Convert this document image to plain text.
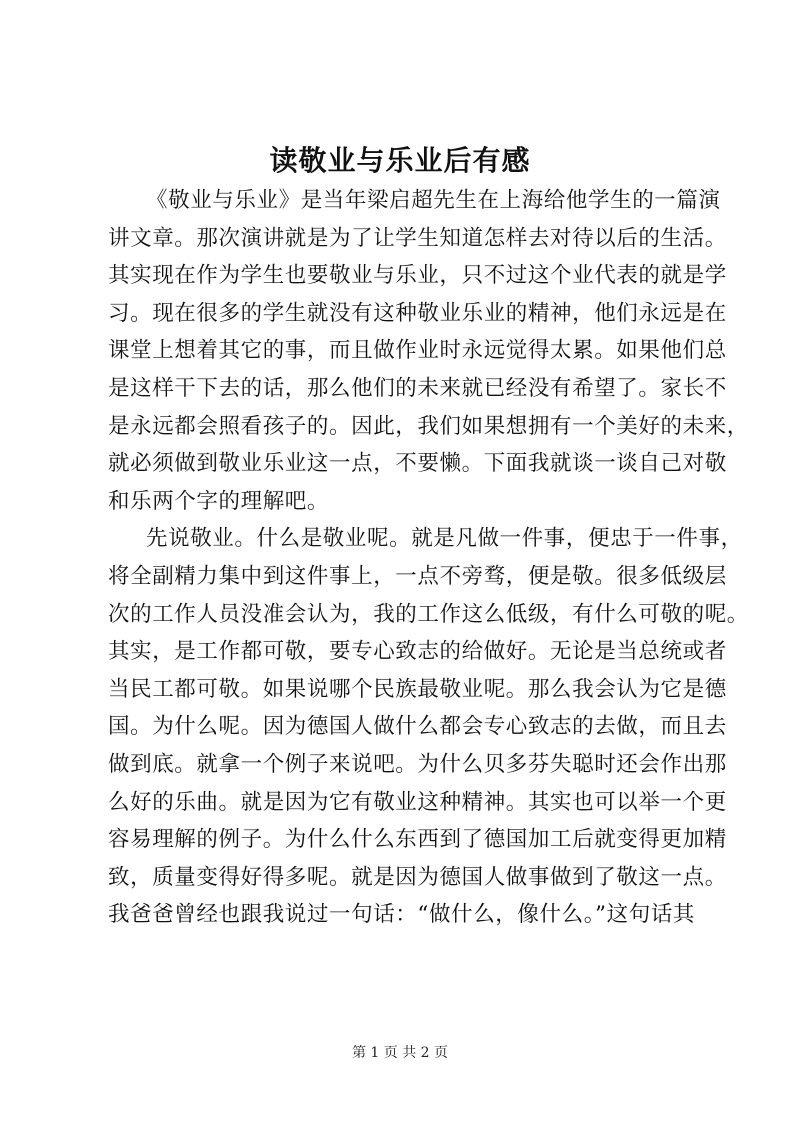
读敬业与乐业后有感
《敬业与乐业》是当年梁启超先生在上海给他学生的一篇演
讲文章。那次演讲就是为了让学生知道怎样去对待以后的生活。
其实现在作为学生也要敬业与乐业，只不过这个业代表的就是学
习。现在很多的学生就没有这种敬业乐业的精神，他们永远是在
课堂上想着其它的事，而且做作业时永远觉得太累。如果他们总
是这样干下去的话，那么他们的未来就已经没有希望了。家长不
是永远都会照看孩子的。因此，我们如果想拥有一个美好的未来，
就必须做到敬业乐业这一点，不要懒。下面我就谈一谈自己对敬
和乐两个字的理解吧。
先说敬业。什么是敬业呢。就是凡做一件事，便忠于一件事，
将全副精力集中到这件事上，一点不旁骛，便是敬。很多低级层
次的工作人员没准会认为，我的工作这么低级，有什么可敬的呢。
其实，是工作都可敬，要专心致志的给做好。无论是当总统或者
当民工都可敬。如果说哪个民族最敬业呢。那么我会认为它是德
国。为什么呢。因为德国人做什么都会专心致志的去做，而且去
做到底。就拿一个例子来说吧。为什么贝多芬失聪时还会作出那
么好的乐曲。就是因为它有敬业这种精神。其实也可以举一个更
容易理解的例子。为什么什么东西到了德国加工后就变得更加精
致，质量变得好得多呢。就是因为德国人做事做到了敬这一点。
我爸爸曾经也跟我说过一句话：“做什么，像什么。”这句话其
第 1 页 共 2 页
